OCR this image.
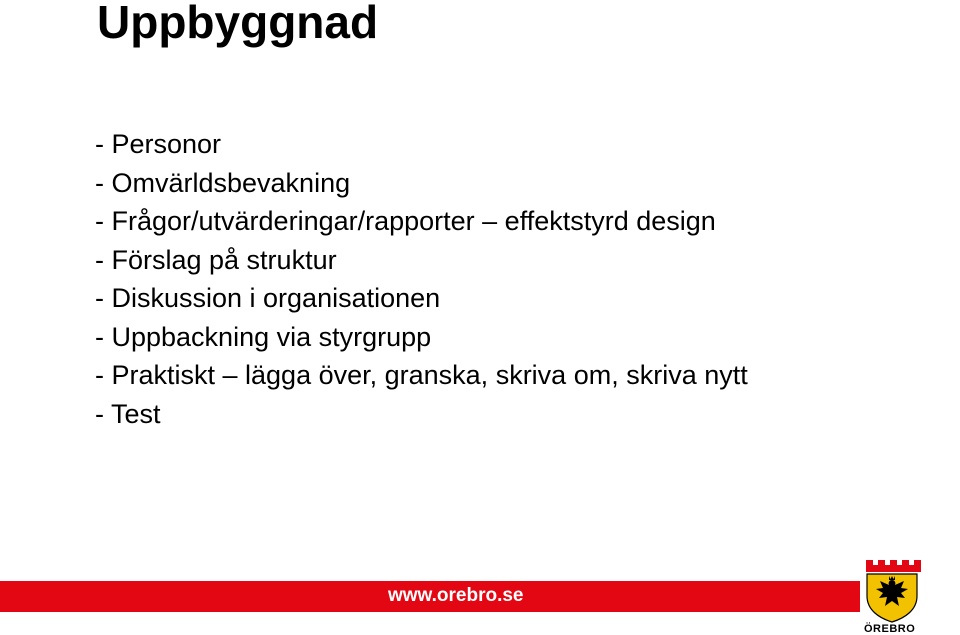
Uppbyggnad
- Personor
- Omvärldsbevakning
- Frågor/utvärderingar/rapporter – effektstyrd design
- Förslag på struktur
- Diskussion i organisationen
- Uppbackning via styrgrupp
- Praktiskt – lägga över, granska, skriva om, skriva nytt
- Test
www.orebro.se
ÖREBRO
